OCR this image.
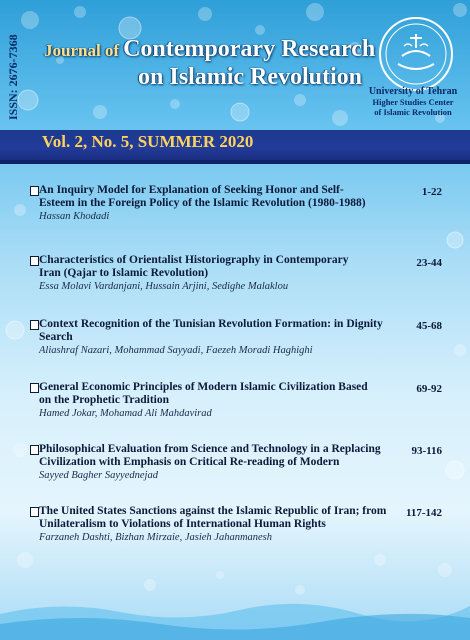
ISSN: 2676-7368 Journal of Contemporary Research
on Islamic Revolution
University of Tehran
Higher Studies Center
of Islamic Revolution
Vol. 2, No. 5, SUMMER 2020
An Inquiry Model for Explanation of Seeking Honor and Self-
Esteem in the Foreign Policy of the Islamic Revolution (1980-1988)
Hassan Khodadi
1-22
Characteristics of Orientalist Historiography in Contemporary
Iran (Qajar to Islamic Revolution)
Essa Molavi Vardanjani, Hussain Arjini, Sedighe Malaklou
23-44
Context Recognition of the Tunisian Revolution Formation: in Dignity
Search
Aliashraf Nazari, Mohammad Sayyadi, Faezeh Moradi Haghighi
45-68
General Economic Principles of Modern Islamic Civilization Based
on the Prophetic Tradition
Hamed Jokar, Mohamad Ali Mahdavirad
69-92
Philosophical Evaluation from Science and Technology in a Replacing
Civilization with Emphasis on Critical Re-reading of Modern
Sayyed Bagher Sayyednejad
93-116
The United States Sanctions against the Islamic Republic of Iran; from
Unilateralism to Violations of International Human Rights
Farzaneh Dashti, Bizhan Mirzaie, Jasieh Jahanmanesh
117-142
